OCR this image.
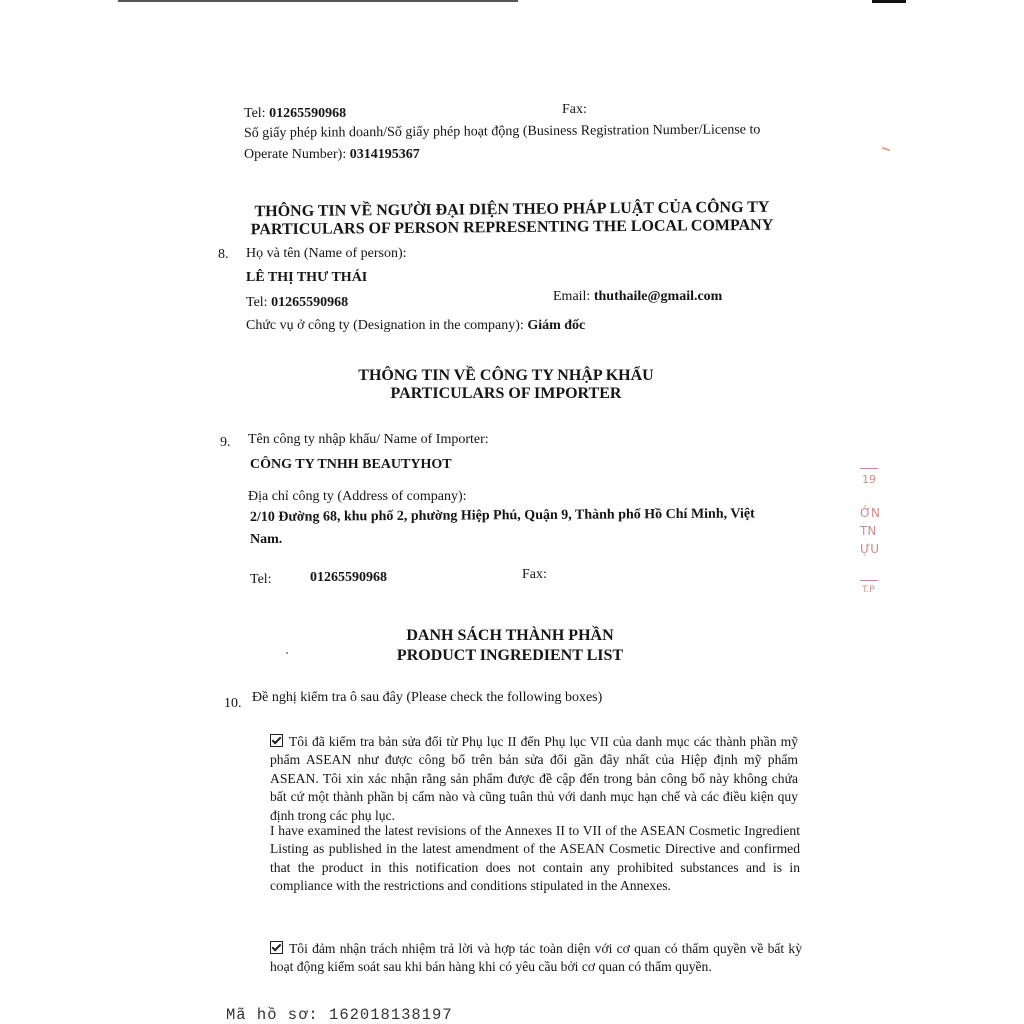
Tel: 01265590968	Fax:
Số giấy phép kinh doanh/Số giấy phép hoạt động (Business Registration Number/License to
Operate Number): 0314195367
THÔNG TIN VỀ NGƯỜI ĐẠI DIỆN THEO PHÁP LUẬT CỦA CÔNG TY
PARTICULARS OF PERSON REPRESENTING THE LOCAL COMPANY
8. Họ và tên (Name of person):
LÊ THỊ THƯ THÁI
Tel: 01265590968	Email: thuthaile@gmail.com
Chức vụ ở công ty (Designation in the company): Giám đốc
THÔNG TIN VỀ CÔNG TY NHẬP KHẨU
PARTICULARS OF IMPORTER
9. Tên công ty nhập khẩu/ Name of Importer:
CÔNG TY TNHH BEAUTYHOT
Địa chỉ công ty (Address of company):
2/10 Đường 68, khu phố 2, phường Hiệp Phú, Quận 9, Thành phố Hồ Chí Minh, Việt
Nam.
Tel:	01265590968	Fax:
DANH SÁCH THÀNH PHẦN
PRODUCT INGREDIENT LIST
10. Đề nghị kiểm tra ô sau đây (Please check the following boxes)
Tôi đã kiểm tra bản sửa đổi từ Phụ lục II đến Phụ lục VII của danh mục các thành phần mỹ phẩm ASEAN như được công bố trên bản sửa đổi gần đây nhất của Hiệp định mỹ phẩm ASEAN. Tôi xin xác nhận rằng sản phẩm được đề cập đến trong bản công bố này không chứa bất cứ một thành phần bị cấm nào và cũng tuân thủ với danh mục hạn chế và các điều kiện quy định trong các phụ lục.
I have examined the latest revisions of the Annexes II to VII of the ASEAN Cosmetic Ingredient Listing as published in the latest amendment of the ASEAN Cosmetic Directive and confirmed that the product in this notification does not contain any prohibited substances and is in compliance with the restrictions and conditions stipulated in the Annexes.
Tôi đảm nhận trách nhiệm trả lời và hợp tác toàn diện với cơ quan có thẩm quyền về bất kỳ hoạt động kiểm soát sau khi bán hàng khi có yêu cầu bởi cơ quan có thẩm quyền.
Mã hồ sơ: 162018138197
19
ỚN
TN
ỰU
T.P
